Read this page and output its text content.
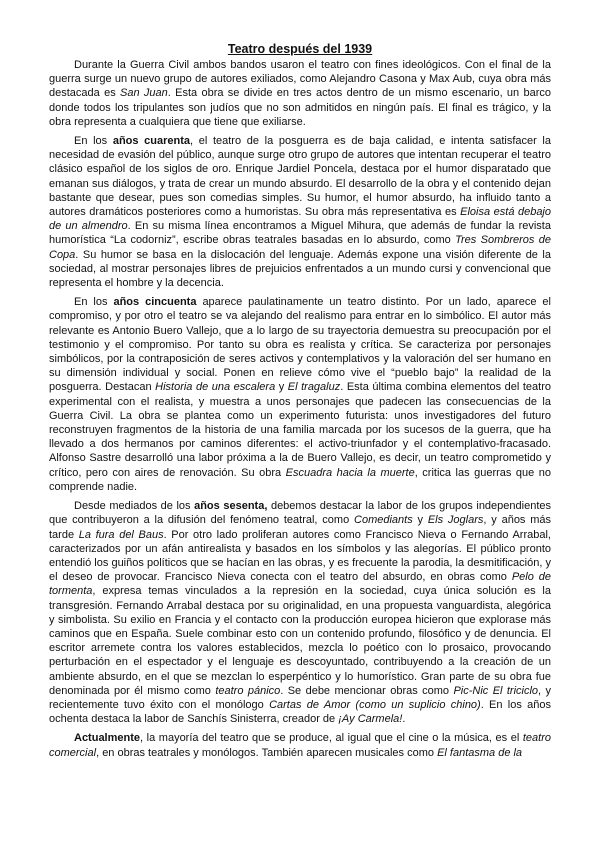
Teatro después del 1939

Durante la Guerra Civil ambos bandos usaron el teatro con fines ideológicos. Con el final de la guerra surge un nuevo grupo de autores exiliados, como Alejandro Casona y Max Aub, cuya obra más destacada es San Juan. Esta obra se divide en tres actos dentro de un mismo escenario, un barco donde todos los tripulantes son judíos que no son admitidos en ningún país. El final es trágico, y la obra representa a cualquiera que tiene que exiliarse.

En los años cuarenta, el teatro de la posguerra es de baja calidad, e intenta satisfacer la necesidad de evasión del público, aunque surge otro grupo de autores que intentan recuperar el teatro clásico español de los siglos de oro. Enrique Jardiel Poncela, destaca por el humor disparatado que emanan sus diálogos, y trata de crear un mundo absurdo. El desarrollo de la obra y el contenido dejan bastante que desear, pues son comedias simples. Su humor, el humor absurdo, ha influido tanto a autores dramáticos posteriores como a humoristas. Su obra más representativa es Eloisa está debajo de un almendro. En su misma línea encontramos a Miguel Mihura, que además de fundar la revista humorística “La codorniz”, escribe obras teatrales basadas en lo absurdo, como Tres Sombreros de Copa. Su humor se basa en la dislocación del lenguaje. Además expone una visión diferente de la sociedad, al mostrar personajes libres de prejuicios enfrentados a un mundo cursi y convencional que representa el hombre y la decencia.

En los años cincuenta aparece paulatinamente un teatro distinto. Por un lado, aparece el compromiso, y por otro el teatro se va alejando del realismo para entrar en lo simbólico. El autor más relevante es Antonio Buero Vallejo, que a lo largo de su trayectoria demuestra su preocupación por el testimonio y el compromiso. Por tanto su obra es realista y crítica. Se caracteriza por personajes simbólicos, por la contraposición de seres activos y contemplativos y la valoración del ser humano en su dimensión individual y social. Ponen en relieve cómo vive el “pueblo bajo” la realidad de la posguerra. Destacan Historia de una escalera y El tragaluz. Esta última combina elementos del teatro experimental con el realista, y muestra a unos personajes que padecen las consecuencias de la Guerra Civil. La obra se plantea como un experimento futurista: unos investigadores del futuro reconstruyen fragmentos de la historia de una familia marcada por los sucesos de la guerra, que ha llevado a dos hermanos por caminos diferentes: el activo-triunfador y el contemplativo-fracasado. Alfonso Sastre desarrolló una labor próxima a la de Buero Vallejo, es decir, un teatro comprometido y crítico, pero con aires de renovación. Su obra Escuadra hacia la muerte, critica las guerras que no comprende nadie.

Desde mediados de los años sesenta, debemos destacar la labor de los grupos independientes que contribuyeron a la difusión del fenómeno teatral, como Comediants y Els Joglars, y años más tarde La fura del Baus. Por otro lado proliferan autores como Francisco Nieva o Fernando Arrabal, caracterizados por un afán antirealista y basados en los símbolos y las alegorías. El público pronto entendió los guiños políticos que se hacían en las obras, y es frecuente la parodia, la desmitificación, y el deseo de provocar. Francisco Nieva conecta con el teatro del absurdo, en obras como Pelo de tormenta, expresa temas vinculados a la represión en la sociedad, cuya única solución es la transgresión. Fernando Arrabal destaca por su originalidad, en una propuesta vanguardista, alegórica y simbolista. Su exilio en Francia y el contacto con la producción europea hicieron que explorase más caminos que en España. Suele combinar esto con un contenido profundo, filosófico y de denuncia. El escritor arremete contra los valores establecidos, mezcla lo poético con lo prosaico, provocando perturbación en el espectador y el lenguaje es descoyuntado, contribuyendo a la creación de un ambiente absurdo, en el que se mezclan lo esperpéntico y lo humorístico. Gran parte de su obra fue denominada por él mismo como teatro pánico. Se debe mencionar obras como Pic-Nic El triciclo, y recientemente tuvo éxito con el monólogo Cartas de Amor (como un suplicio chino). En los años ochenta destaca la labor de Sanchís Sinisterra, creador de ¡Ay Carmela!.

Actualmente, la mayoría del teatro que se produce, al igual que el cine o la música, es el teatro comercial, en obras teatrales y monólogos. También aparecen musicales como El fantasma de la
